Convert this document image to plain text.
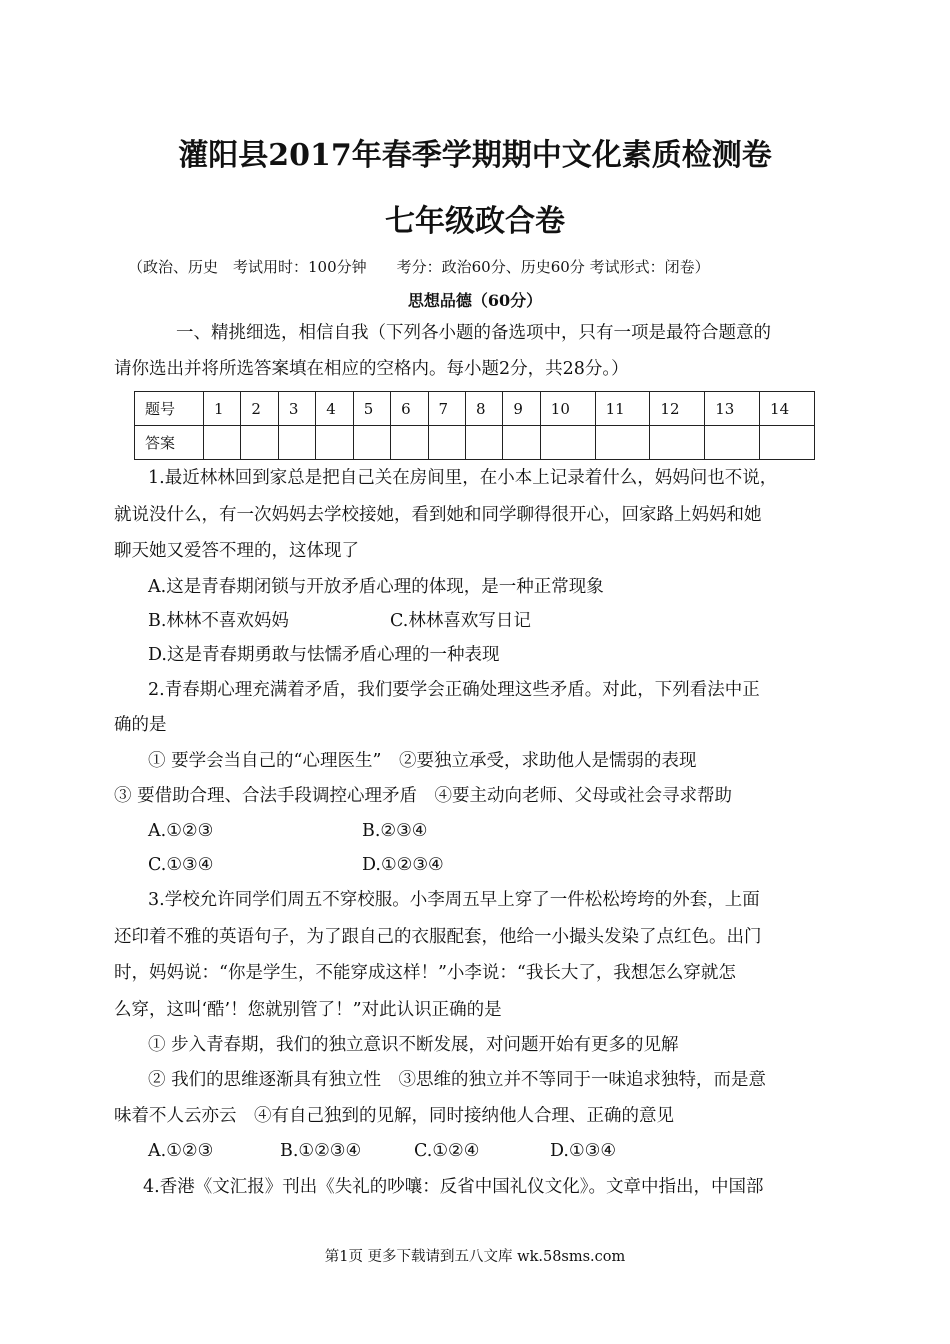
灌阳县2017年春季学期期中文化素质检测卷
七年级政合卷
（政治、历史　考试用时：100分钟　　考分：政治60分、历史60分 考试形式：闭卷）
思想品德（60分）
一、精挑细选，相信自我（下列各小题的备选项中，只有一项是最符合题意的
请你选出并将所选答案填在相应的空格内。每小题2分，共28分。）
题号	1	2	3	4	5	6	7	8	9	10	11	12	13	14
答案														
1.最近林林回到家总是把自己关在房间里，在小本上记录着什么，妈妈问也不说，
就说没什么，有一次妈妈去学校接她，看到她和同学聊得很开心，回家路上妈妈和她
聊天她又爱答不理的，这体现了
A.这是青春期闭锁与开放矛盾心理的体现，是一种正常现象
B.林林不喜欢妈妈	C.林林喜欢写日记
D.这是青春期勇敢与怯懦矛盾心理的一种表现
2.青春期心理充满着矛盾，我们要学会正确处理这些矛盾。对此，下列看法中正
确的是
① 要学会当自己的“心理医生”　②要独立承受，求助他人是懦弱的表现
③ 要借助合理、合法手段调控心理矛盾　④要主动向老师、父母或社会寻求帮助
A.①②③	B.②③④
C.①③④	D.①②③④
3.学校允许同学们周五不穿校服。小李周五早上穿了一件松松垮垮的外套，上面
还印着不雅的英语句子，为了跟自己的衣服配套，他给一小撮头发染了点红色。出门
时，妈妈说：“你是学生，不能穿成这样！”小李说：“我长大了，我想怎么穿就怎
么穿，这叫‘酷’！您就别管了！”对此认识正确的是
① 步入青春期，我们的独立意识不断发展，对问题开始有更多的见解
② 我们的思维逐渐具有独立性　③思维的独立并不等同于一味追求独特，而是意
味着不人云亦云　④有自己独到的见解，同时接纳他人合理、正确的意见
A.①②③	B.①②③④	C.①②④	D.①③④
4.香港《文汇报》刊出《失礼的吵嚷：反省中国礼仪文化》。文章中指出，中国部
第1页 更多下载请到五八文库 wk.58sms.com
